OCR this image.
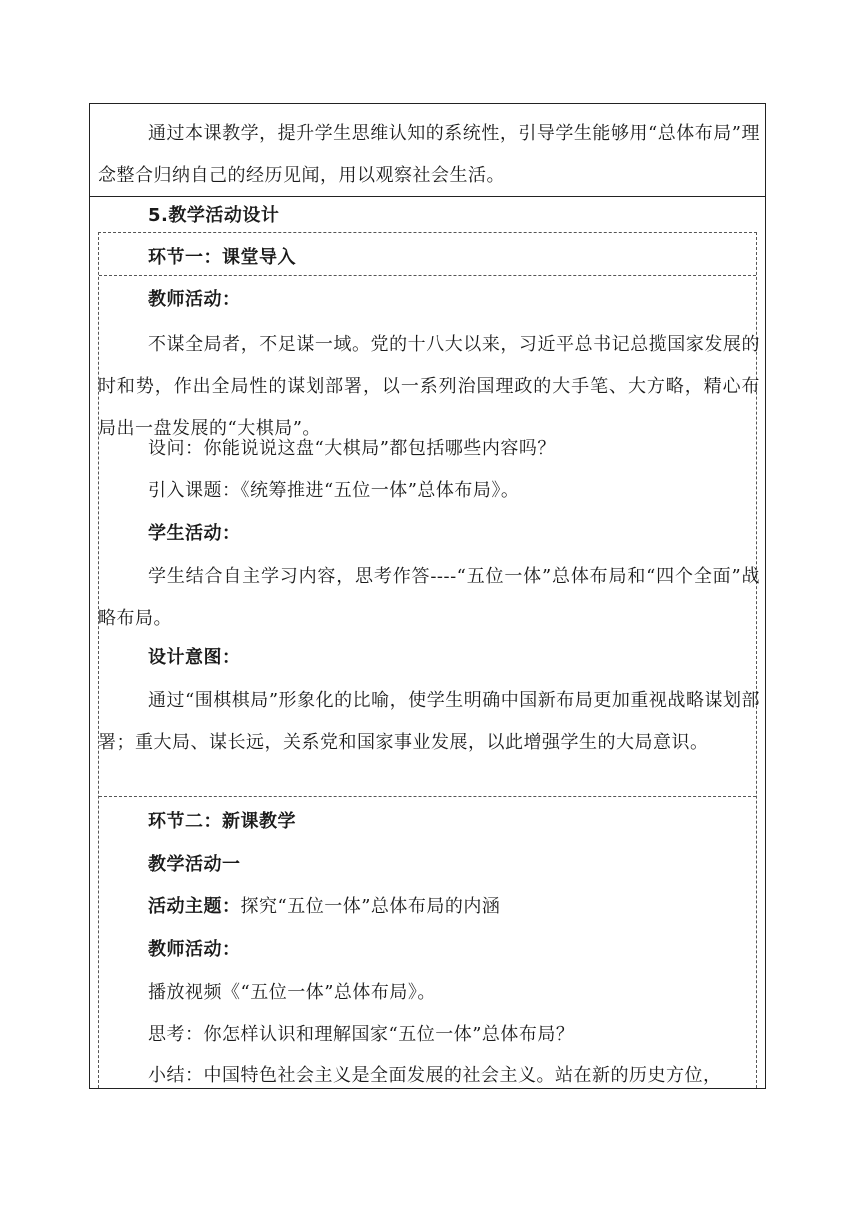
通过本课教学，提升学生思维认知的系统性，引导学生能够用“总体布局”理念整合归纳自己的经历见闻，用以观察社会生活。
5.教学活动设计
环节一：课堂导入
教师活动：
不谋全局者，不足谋一域。党的十八大以来，习近平总书记总揽国家发展的时和势，作出全局性的谋划部署，以一系列治国理政的大手笔、大方略，精心布局出一盘发展的“大棋局”。
设问：你能说说这盘“大棋局”都包括哪些内容吗？
引入课题：《统筹推进“五位一体”总体布局》。
学生活动：
学生结合自主学习内容，思考作答----“五位一体”总体布局和“四个全面”战略布局。
设计意图：
通过“围棋棋局”形象化的比喻，使学生明确中国新布局更加重视战略谋划部署；重大局、谋长远，关系党和国家事业发展，以此增强学生的大局意识。
环节二：新课教学
教学活动一
活动主题：探究“五位一体”总体布局的内涵
教师活动：
播放视频《“五位一体”总体布局》。
思考：你怎样认识和理解国家“五位一体”总体布局？
小结：中国特色社会主义是全面发展的社会主义。站在新的历史方位，
